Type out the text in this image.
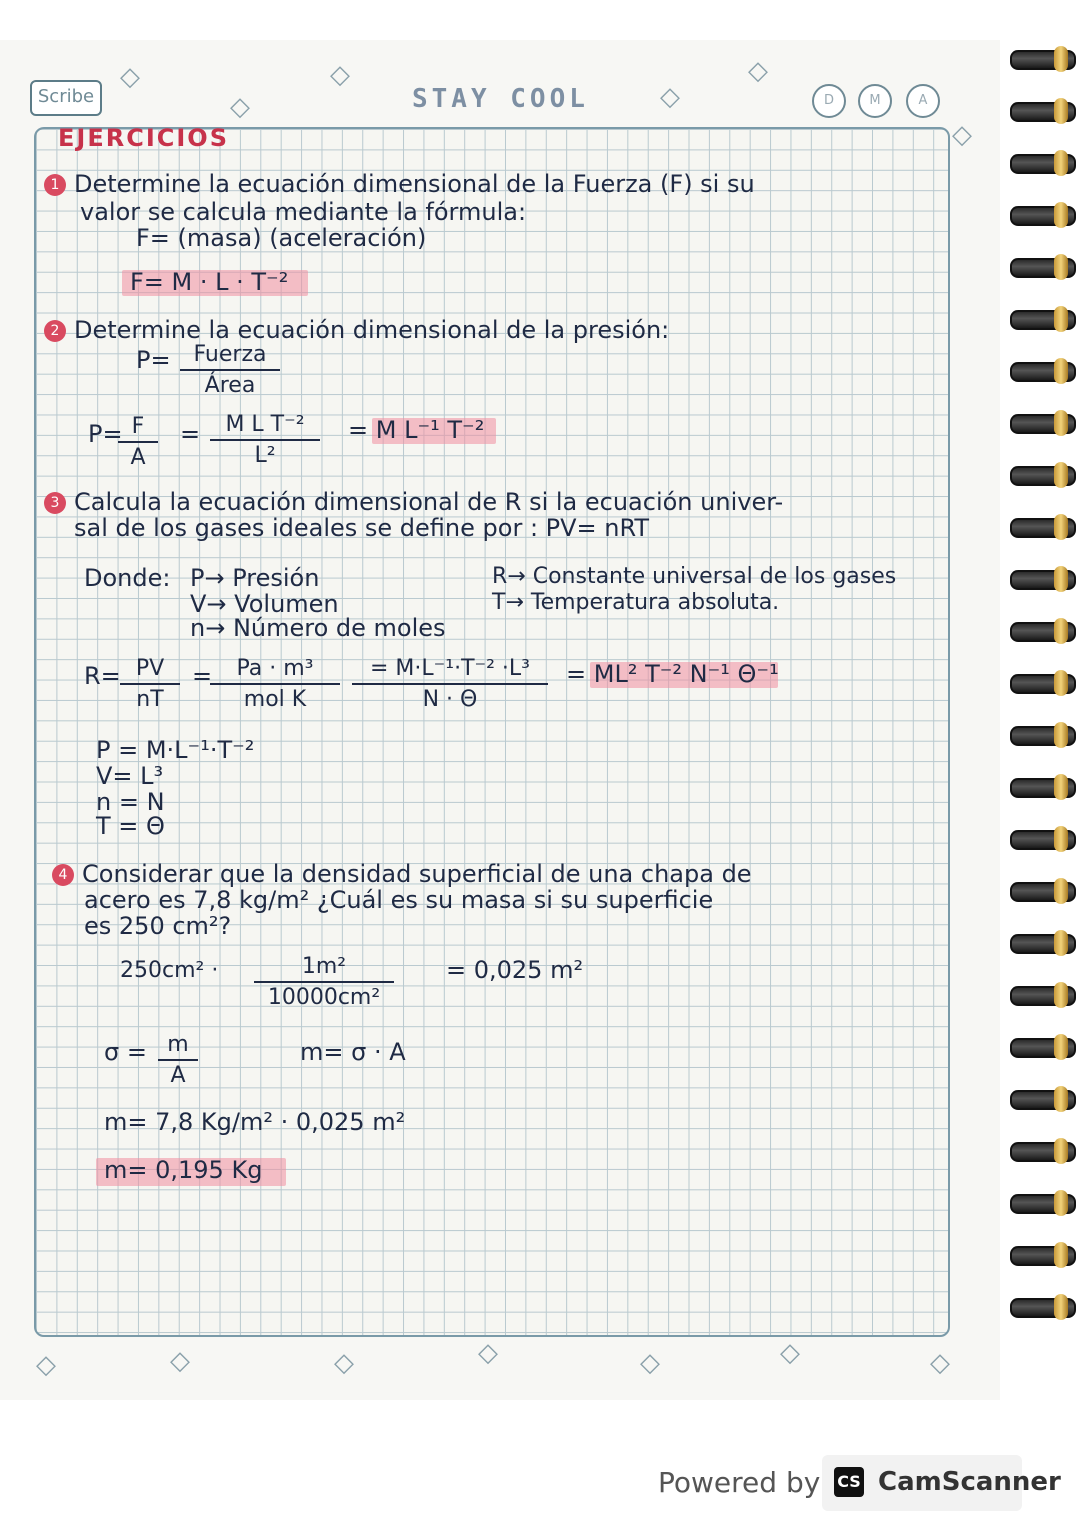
Scribe
◇
◇
◇
◇
◇
◇
STAY COOL	D	M	A
EJERCICIOS
1 Determine la ecuación dimensional de la Fuerza (F) si su
valor se calcula mediante la fórmula:
F= (masa) (aceleración)
F= M · L · T⁻²
2 Determine la ecuación dimensional de la presión:
P=	Fuerza
Área
P= F
A
=	M L T⁻²
L²
= M L⁻¹ T⁻²
3 Calcula la ecuación dimensional de R si la ecuación univer-
sal de los gases ideales se define por : PV= nRT
Donde: P→ Presión
V→ Volumen
n→ Número de moles
R→ Constante universal de los gases
T→ Temperatura absoluta.
R= PV
nT
=	Pa · m³
mol K
= M·L⁻¹·T⁻² ·L³
N · Θ
= ML² T⁻² N⁻¹ Θ⁻¹
P = M·L⁻¹·T⁻²
V= L³
n = N
T = Θ
4 Considerar que la densidad superficial de una chapa de
acero es 7,8 kg/m² ¿Cuál es su masa si su superficie
es 250 cm²?
250cm² ·	1m²
10000cm²
= 0,025 m²
σ = m
A
m= σ · A
m= 7,8 Kg/m² · 0,025 m²
m= 0,195 Kg
◇	◇	◇	◇	◇	◇	◇
Powered by CS CamScanner
